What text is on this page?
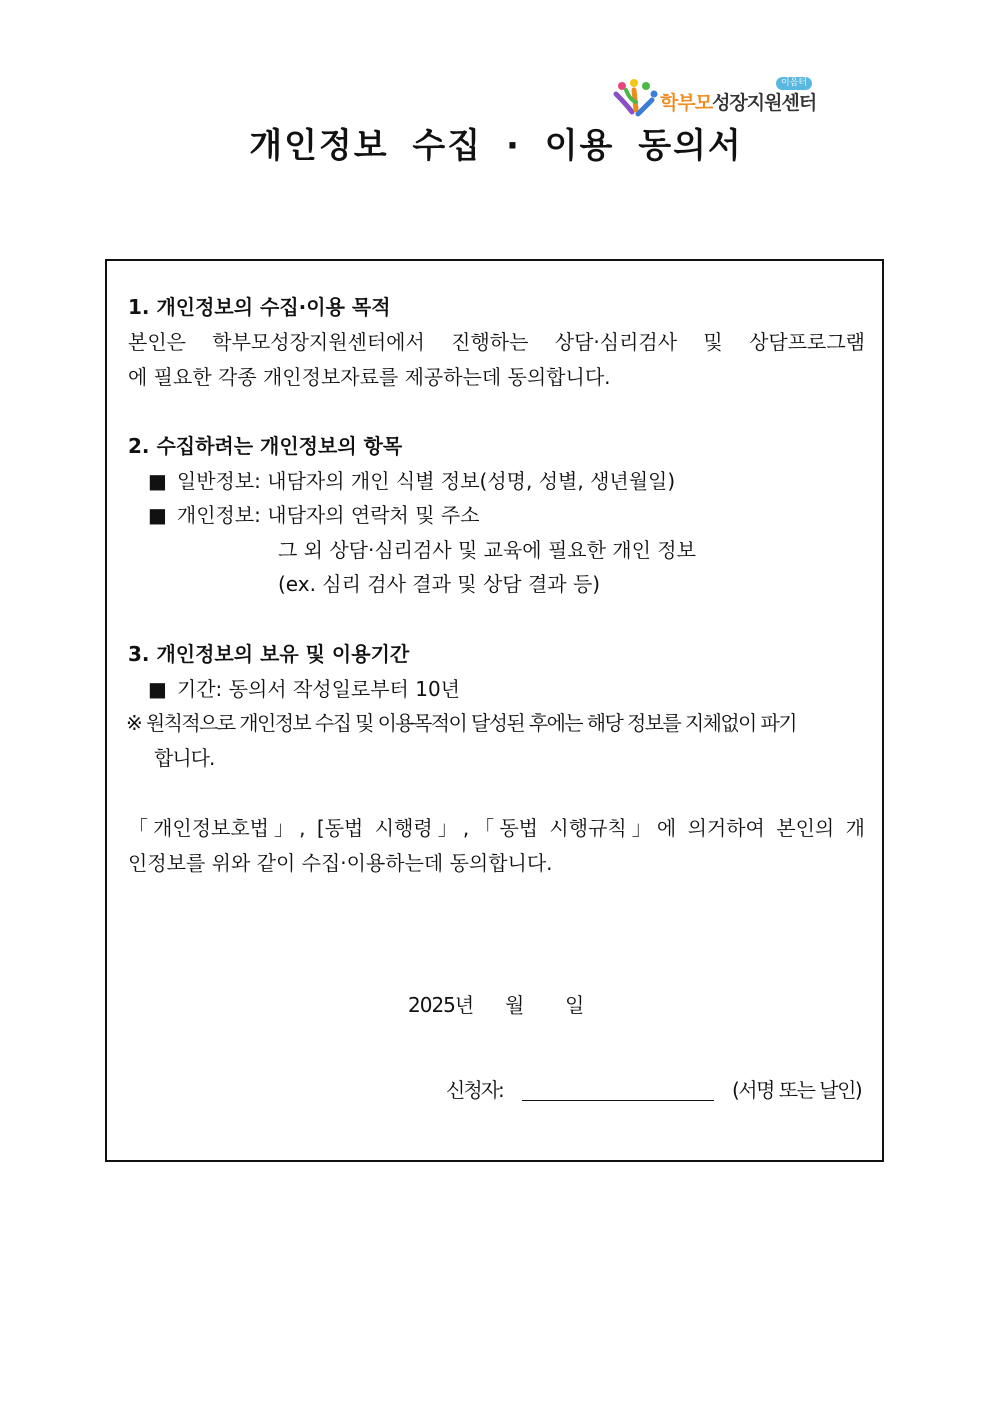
이음터
학부모성장지원센터
개인정보 수집 · 이용 동의서
1. 개인정보의 수집·이용 목적
본인은 학부모성장지원센터에서 진행하는 상담·심리검사 및 상담프로그램
에 필요한 각종 개인정보자료를 제공하는데 동의합니다.
2. 수집하려는 개인정보의 항목
■ 일반정보: 내담자의 개인 식별 정보(성명, 성별, 생년월일)
■ 개인정보: 내담자의 연락처 및 주소
그 외 상담·심리검사 및 교육에 필요한 개인 정보
(ex. 심리 검사 결과 및 상담 결과 등)
3. 개인정보의 보유 및 이용기간
■ 기간: 동의서 작성일로부터 10년
※ 원칙적으로 개인정보 수집 및 이용목적이 달성된 후에는 해당 정보를 지체없이 파기
합니다.
「개인정보호법」, [동법 시행령」,「동법 시행규칙」에 의거하여 본인의 개
인정보를 위와 같이 수집·이용하는데 동의합니다.
2025년 월 일
신청자:	(서명 또는 날인)
